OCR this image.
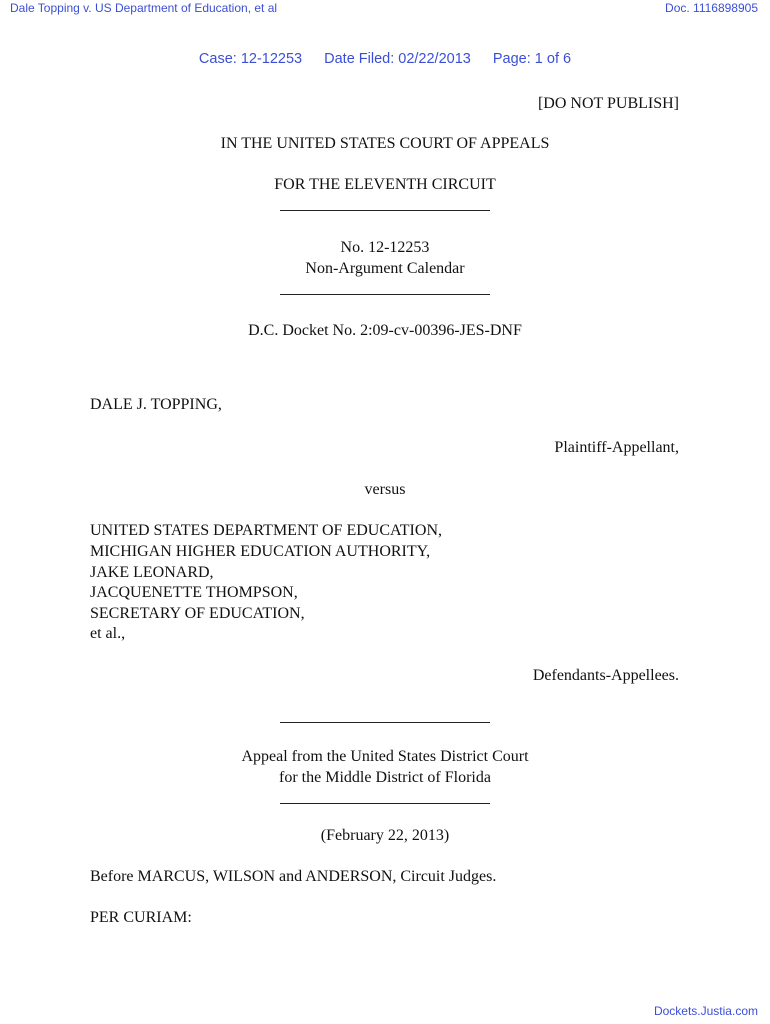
Dale Topping v. US Department of Education, et al	Doc. 1116898905
Case: 12-12253 Date Filed: 02/22/2013 Page: 1 of 6
[DO NOT PUBLISH]
IN THE UNITED STATES COURT OF APPEALS
FOR THE ELEVENTH CIRCUIT
No. 12-12253
Non-Argument Calendar
D.C. Docket No. 2:09-cv-00396-JES-DNF
DALE J. TOPPING,
Plaintiff-Appellant,
versus
UNITED STATES DEPARTMENT OF EDUCATION,
MICHIGAN HIGHER EDUCATION AUTHORITY,
JAKE LEONARD,
JACQUENETTE THOMPSON,
SECRETARY OF EDUCATION,
et al.,
Defendants-Appellees.
Appeal from the United States District Court
for the Middle District of Florida
(February 22, 2013)
Before MARCUS, WILSON and ANDERSON, Circuit Judges.
PER CURIAM:
Dockets.Justia.com
